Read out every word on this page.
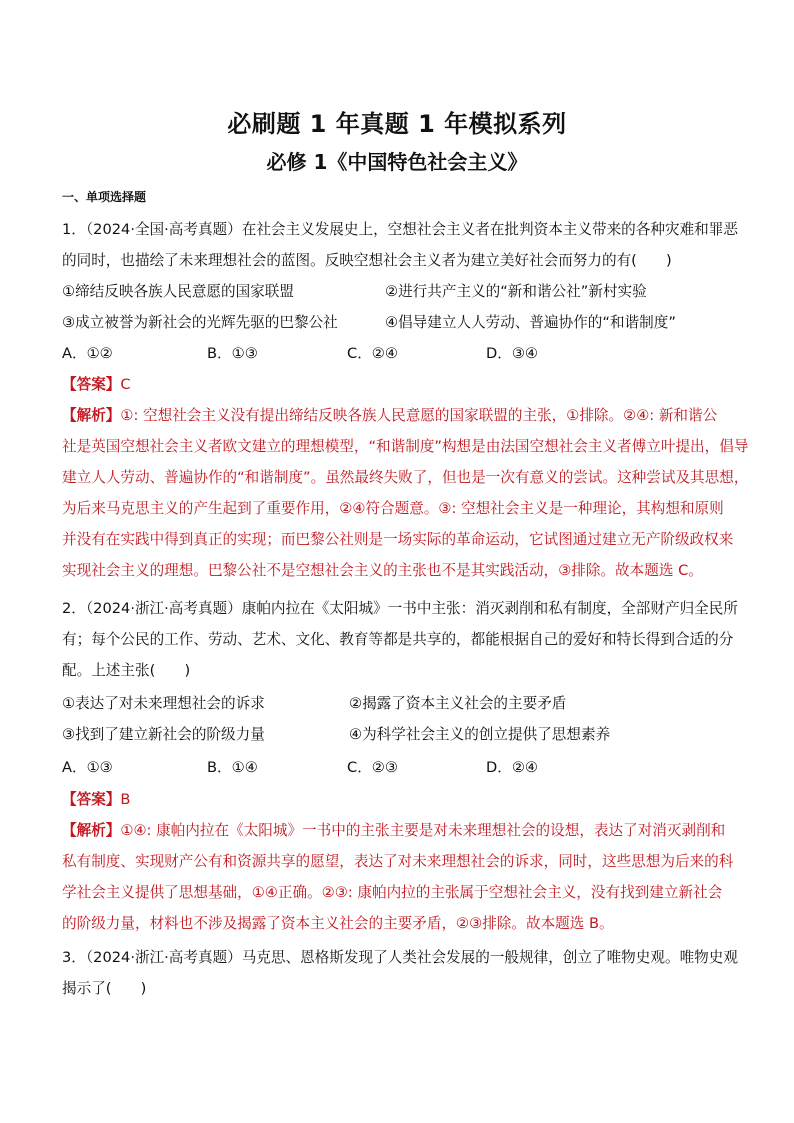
必刷题 1 年真题 1 年模拟系列
必修 1《中国特色社会主义》
一、单项选择题
1．（2024·全国·高考真题）在社会主义发展史上，空想社会主义者在批判资本主义带来的各种灾难和罪恶
的同时，也描绘了未来理想社会的蓝图。反映空想社会主义者为建立美好社会而努力的有(　　)
①缔结反映各族人民意愿的国家联盟	②进行共产主义的“新和谐公社”新村实验
③成立被誉为新社会的光辉先驱的巴黎公社	④倡导建立人人劳动、普遍协作的“和谐制度”
A．①②	B．①③	C．②④	D．③④
【答案】C
【解析】①: 空想社会主义没有提出缔结反映各族人民意愿的国家联盟的主张，①排除。②④: 新和谐公
社是英国空想社会主义者欧文建立的理想模型，“和谐制度”构想是由法国空想社会主义者傅立叶提出，倡导
建立人人劳动、普遍协作的“和谐制度”。虽然最终失败了，但也是一次有意义的尝试。这种尝试及其思想，
为后来马克思主义的产生起到了重要作用，②④符合题意。③: 空想社会主义是一种理论，其构想和原则
并没有在实践中得到真正的实现；而巴黎公社则是一场实际的革命运动，它试图通过建立无产阶级政权来
实现社会主义的理想。巴黎公社不是空想社会主义的主张也不是其实践活动，③排除。故本题选 C。
2．（2024·浙江·高考真题）康帕内拉在《太阳城》一书中主张：消灭剥削和私有制度，全部财产归全民所
有；每个公民的工作、劳动、艺术、文化、教育等都是共享的，都能根据自己的爱好和特长得到合适的分
配。上述主张(　　)
①表达了对未来理想社会的诉求	②揭露了资本主义社会的主要矛盾
③找到了建立新社会的阶级力量	④为科学社会主义的创立提供了思想素养
A．①③	B．①④	C．②③	D．②④
【答案】B
【解析】①④: 康帕内拉在《太阳城》一书中的主张主要是对未来理想社会的设想，表达了对消灭剥削和
私有制度、实现财产公有和资源共享的愿望，表达了对未来理想社会的诉求，同时，这些思想为后来的科
学社会主义提供了思想基础，①④正确。②③: 康帕内拉的主张属于空想社会主义，没有找到建立新社会
的阶级力量，材料也不涉及揭露了资本主义社会的主要矛盾，②③排除。故本题选 B。
3．（2024·浙江·高考真题）马克思、恩格斯发现了人类社会发展的一般规律，创立了唯物史观。唯物史观
揭示了(　　)
